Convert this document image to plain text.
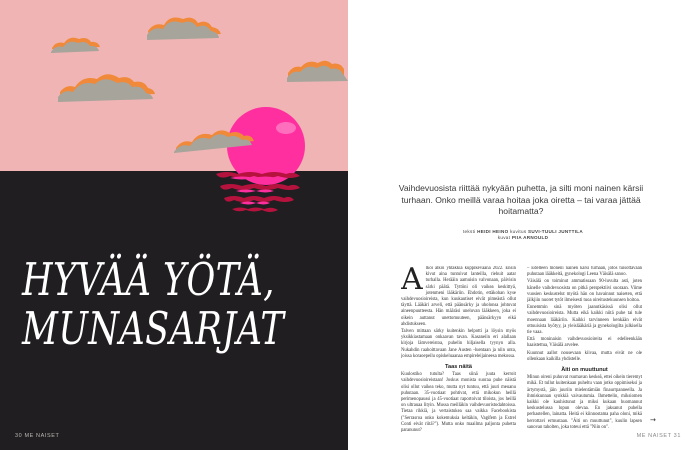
HYVÄÄ YÖTÄ,
MUNASARJAT
30 ME NAISET
Vaihdevuosista riittää nykyään puhetta, ja silti moni nainen kärsii turhaan. Onko meillä varaa hoitaa joka oiretta – tai varaa jättää hoitamatta?
teksti HEIDI HEINO kuvitus SUVI-TUULI JUNTTILA
kuvat PIIA ARNOULD

Alkoi alkoi yhtäkkiä kuppikeväänä 2022. Ensin kivut aina tuntuivat lanteilla, riehuit aatar turhalla. Herääin aamuisin valvonaan, päivisin särki päätä. Tyttöni oli vaikea keskittyä, jotenmeni lääkäriin. Ehdotin, ettäkohan kyse vaihdevuosioireista, kun kuukautiset eivät pimeästä ollut täyttä. Lääkäri arveli, että päänsärky ja uholonsa johtuvat aineenpuutteesta. Hän määräsi uneluvan lääkkeen, joka ei oikein auttanut unettomuuteen, päänsärkyyn eikä ahdistukseen.

Talven mittaan särky kuitenkin helpotti ja löysin myös yksikkiastamaan onkaavan tavan. Kasaneiin eri alallaan kirjoja lämvereistoa, puhelin hiljaisella tyynyn alla. Nukahdin raahoittavaan Jane Austen -luentaan ja niin unta, joissa koraoepeilu opiskeluaanaa empireleijaineesa mekossa.

Taas näitä

Kuulostiko tutulta? Taas siinä juuta kerroit vaihdevuosioireistaan! Joskus monista suoraa puhe näistä olisi ollut vaikea teko, mutta nyt tuntuu, että juuri meuanu puhutaan. 35-vuotiaat pohtivat, että mikokun heillä perimenopaussi ja 45-vuotiaat raportoivat tiloista, jos heillä on ultrauaa lityin. Mussa meilläkin vaihdevuoristodahtoissa. Tietaa rikkiä, ja vertaistukea saa vaikka Facebookista ("Serrasroa onko kokemuksia keltäkin, Vagifem ja Estrel Conti eivät riitä?"). Mutta onko maailma paljonta puhetta paranunut?

– Edelleen moneni nainen kärsi turhaan, jotos tuisottavaan puhutaan lääkkeitä, gynekologi Leena Väisälä sanoo.

Väisälä on toiminut ammatissaan 90-luvulta asti, joten hänelle vaihdevuosista on pitkä perspektiivi suoraan. Viime vuosien keskustelut myötä hän on havainnut naiseten, että jälkjiin nuoret tytöt ilmeisesti tuoa oireitustekuunsen hoitoa.

Ennemmin sinä myöten jaanutkäsissä olisi ollut vaihdevuosioireista. Mutta eikä kaikki niitä puhe tai tule moennaan lääkäriin. Kaikki tarvinneen kenkään eivät ottuuisista hyötyy, ja yleislääkäriä ja gynekologilta julkisella tie vaaa.

Että moninaisin vaihdevuosioireita ei edelleenkään haaistettua, Väisälä arvelee.

Kuunnut aallot nousevaan kiivaa, mutta eivät ne ole ollenkaan kaikilla yhdistelle.

Äiti on muuttunut

Minun oireni puhuvat rsumavan keskeä, ettei oikein tieremyt mikä. Et tullut kuitenkaan puheltu vaan jotko oppimiseksi ja ärtymystä, jäin juuriin mielentämiän finaurrpanneella. Ja ihmiskunnan synkkiä vaivautumia. Ihmettelin, miksiomen kaikki ole kauhistunut ja miksi kukaan huomannut keskustelussa lopun olevaa. En jaksanut puhella perhastellen, lainatta. Heitä ei kiinnostama paha oloni, mikä herrottavi ermustaan. "Äiti on muuttunut", kuulin lapsen sanovan taholten, joka toteui että "Niin on".

→
ME NAISET 31
